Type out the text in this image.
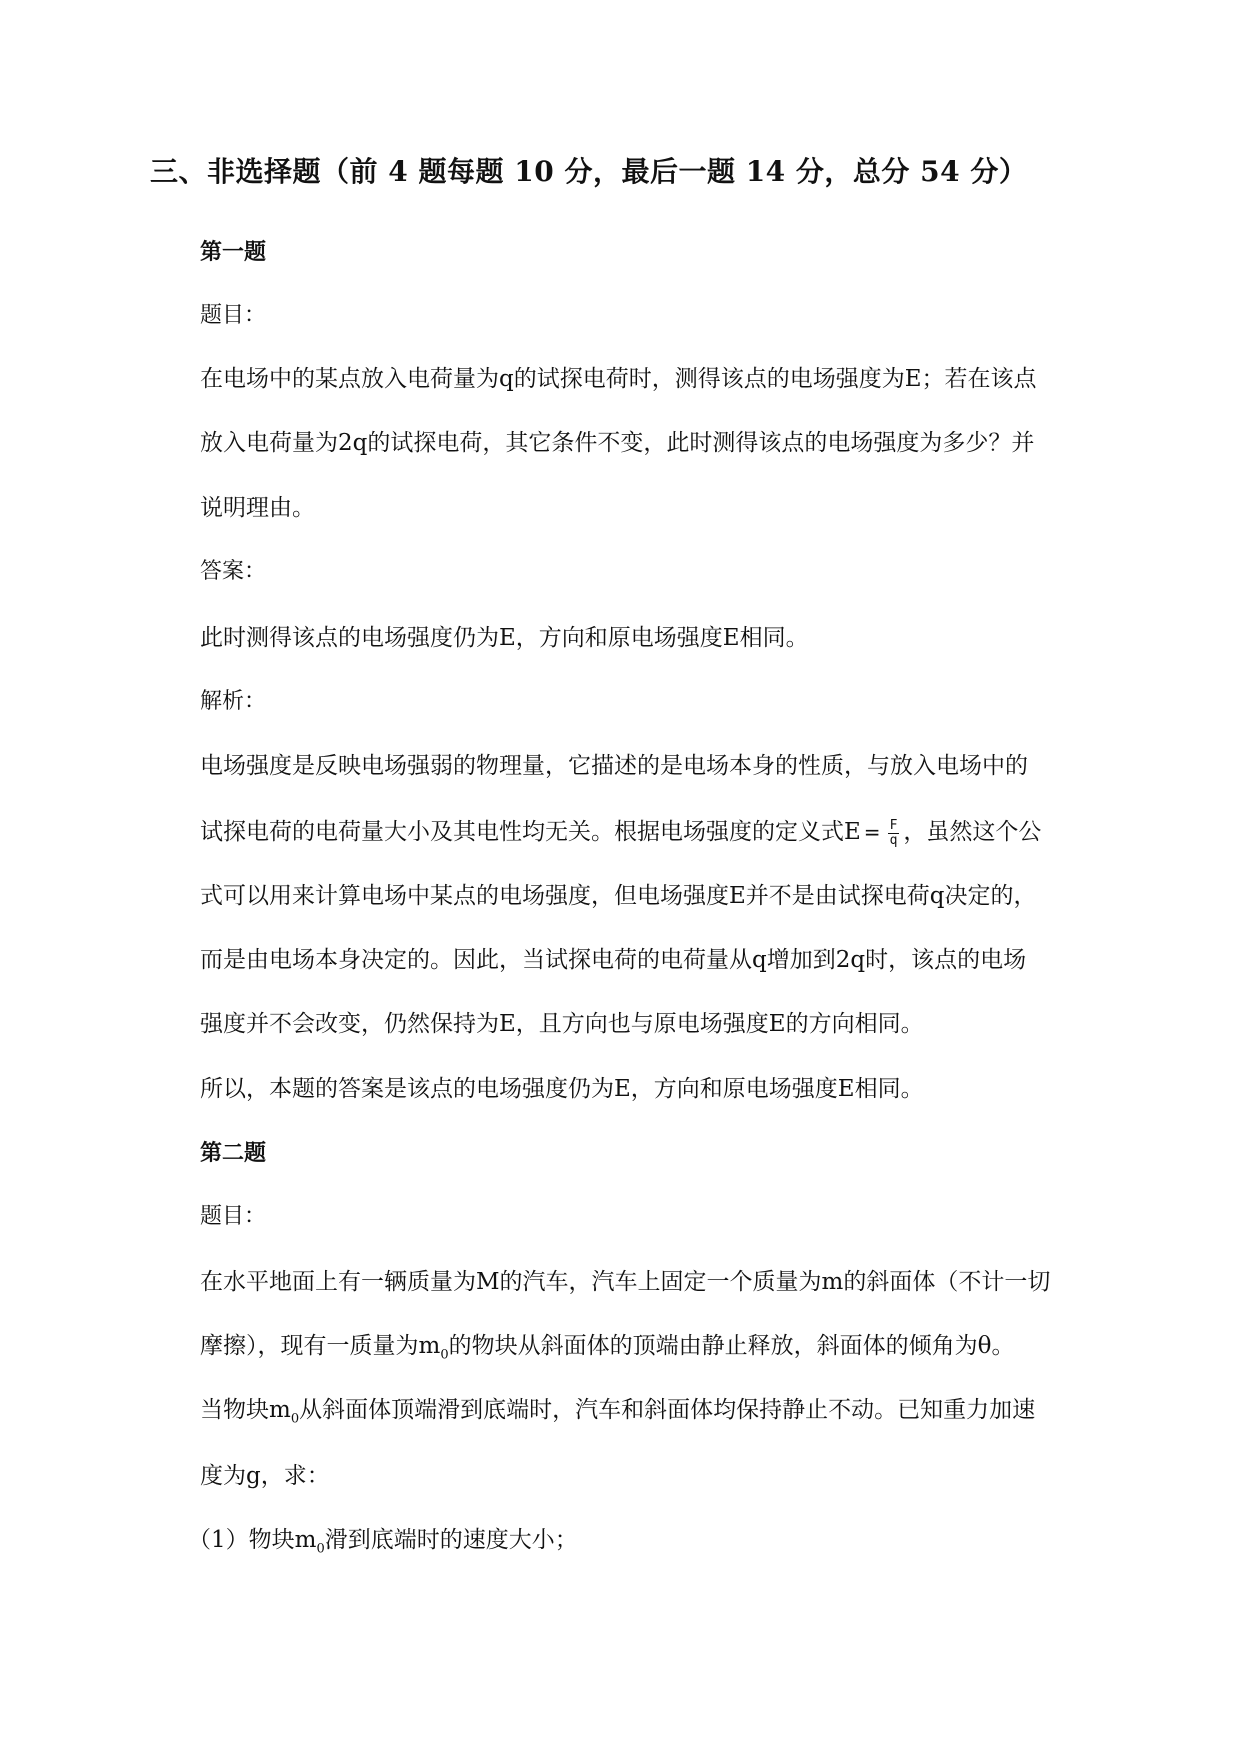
三、非选择题（前 4 题每题 10 分，最后一题 14 分，总分 54 分）
第一题
题目：
在电场中的某点放入电荷量为q的试探电荷时，测得该点的电场强度为E；若在该点
放入电荷量为2q的试探电荷，其它条件不变，此时测得该点的电场强度为多少？并
说明理由。
答案：
此时测得该点的电场强度仍为E，方向和原电场强度E相同。
解析：
电场强度是反映电场强弱的物理量，它描述的是电场本身的性质，与放入电场中的
试探电荷的电荷量大小及其电性均无关。根据电场强度的定义式$E = \frac{F}{q}$ ，虽然这个公
式可以用来计算电场中某点的电场强度，但电场强度E并不是由试探电荷q决定的，
而是由电场本身决定的。因此，当试探电荷的电荷量从q增加到2q时，该点的电场
强度并不会改变，仍然保持为E，且方向也与原电场强度E的方向相同。
所以，本题的答案是该点的电场强度仍为E，方向和原电场强度E相同。
第二题
题目：
在水平地面上有一辆质量为M的汽车，汽车上固定一个质量为m的斜面体（不计一切
摩擦），现有一质量为$m_0$的物块从斜面体的顶端由静止释放，斜面体的倾角为θ。
当物块$m_0$从斜面体顶端滑到底端时，汽车和斜面体均保持静止不动。已知重力加速
度为g，求：
（1）物块$m_0$滑到底端时的速度大小；
